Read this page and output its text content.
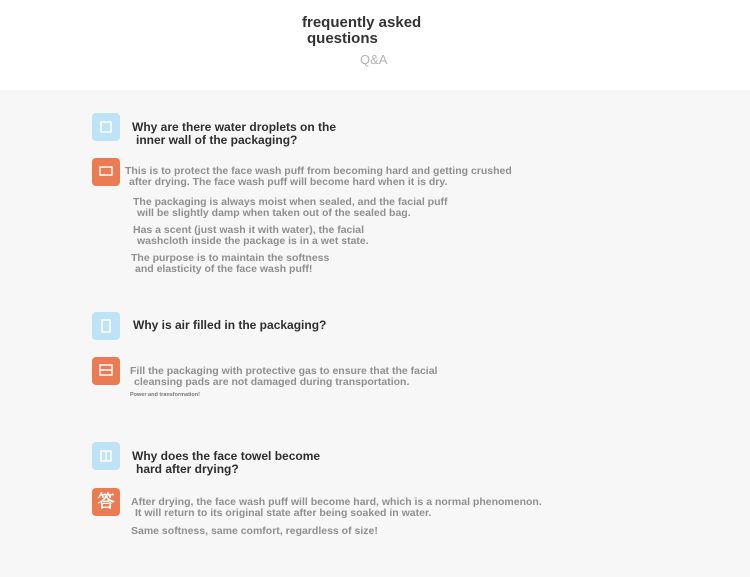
frequently asked
questions
Q&A
Why are there water droplets on the
inner wall of the packaging?
This is to protect the face wash puff from becoming hard and getting crushed
after drying. The face wash puff will become hard when it is dry.
The packaging is always moist when sealed, and the facial puff
will be slightly damp when taken out of the sealed bag.
Has a scent (just wash it with water), the facial
washcloth inside the package is in a wet state.
The purpose is to maintain the softness
and elasticity of the face wash puff!
Why is air filled in the packaging?
Fill the packaging with protective gas to ensure that the facial
cleansing pads are not damaged during transportation.
Power and transformation!
Why does the face towel become
hard after drying?
答	After drying, the face wash puff will become hard, which is a normal phenomenon.
It will return to its original state after being soaked in water.
Same softness, same comfort, regardless of size!
